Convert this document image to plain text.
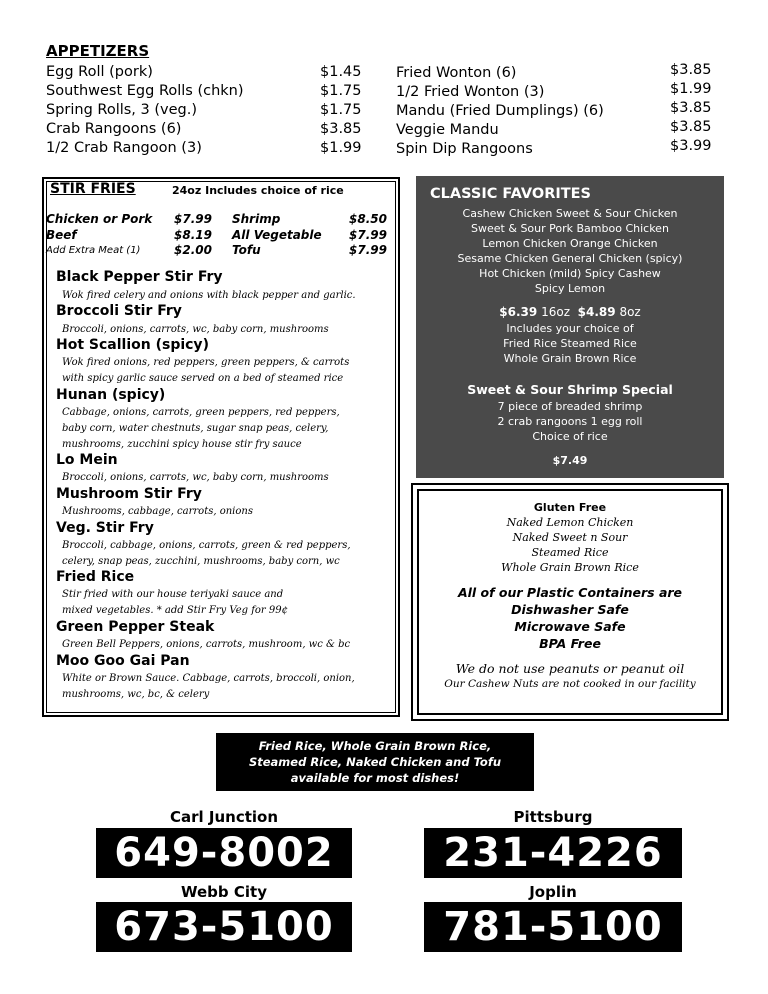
APPETIZERS
Egg Roll (pork)	$1.45
Southwest Egg Rolls (chkn)	$1.75
Spring Rolls, 3 (veg.)	$1.75
Crab Rangoons (6)	$3.85
1/2 Crab Rangoon (3)	$1.99
Fried Wonton (6)	$3.85
1/2 Fried Wonton (3)	$1.99
Mandu (Fried Dumplings) (6)	$3.85
Veggie Mandu	$3.85
Spin Dip Rangoons	$3.99
STIR FRIES	24oz Includes choice of rice
Chicken or Pork $7.99 Shrimp	$8.50
Beef	$8.19 All Vegetable $7.99
Add Extra Meat (1)	$2.00 Tofu	$7.99
Black Pepper Stir Fry
Wok fired celery and onions with black pepper and garlic.
Broccoli Stir Fry
Broccoli, onions, carrots, wc, baby corn, mushrooms
Hot Scallion (spicy)
Wok fired onions, red peppers, green peppers, & carrots
with spicy garlic sauce served on a bed of steamed rice
Hunan (spicy)
Cabbage, onions, carrots, green peppers, red peppers,
baby corn, water chestnuts, sugar snap peas, celery,
mushrooms, zucchini spicy house stir fry sauce
Lo Mein
Broccoli, onions, carrots, wc, baby corn, mushrooms
Mushroom Stir Fry
Mushrooms, cabbage, carrots, onions
Veg. Stir Fry
Broccoli, cabbage, onions, carrots, green & red peppers,
celery, snap peas, zucchini, mushrooms, baby corn, wc
Fried Rice
Stir fried with our house teriyaki sauce and
mixed vegetables. * add Stir Fry Veg for 99¢
Green Pepper Steak
Green Bell Peppers, onions, carrots, mushroom, wc & bc
Moo Goo Gai Pan
White or Brown Sauce. Cabbage, carrots, broccoli, onion,
mushrooms, wc, bc, & celery
CLASSIC FAVORITES
Cashew Chicken Sweet & Sour Chicken
Sweet & Sour Pork Bamboo Chicken
Lemon Chicken Orange Chicken
Sesame Chicken General Chicken (spicy)
Hot Chicken (mild) Spicy Cashew
Spicy Lemon
$6.39 16oz $4.89 8oz
Includes your choice of
Fried Rice Steamed Rice
Whole Grain Brown Rice
Sweet & Sour Shrimp Special
7 piece of breaded shrimp
2 crab rangoons 1 egg roll
Choice of rice
$7.49
Gluten Free
Naked Lemon Chicken
Naked Sweet n Sour
Steamed Rice
Whole Grain Brown Rice
All of our Plastic Containers are
Dishwasher Safe
Microwave Safe
BPA Free
We do not use peanuts or peanut oil
Our Cashew Nuts are not cooked in our facility
Fried Rice, Whole Grain Brown Rice,
Steamed Rice, Naked Chicken and Tofu
available for most dishes!
Carl Junction
649-8002
Pittsburg
231-4226
Webb City
673-5100
Joplin
781-5100
